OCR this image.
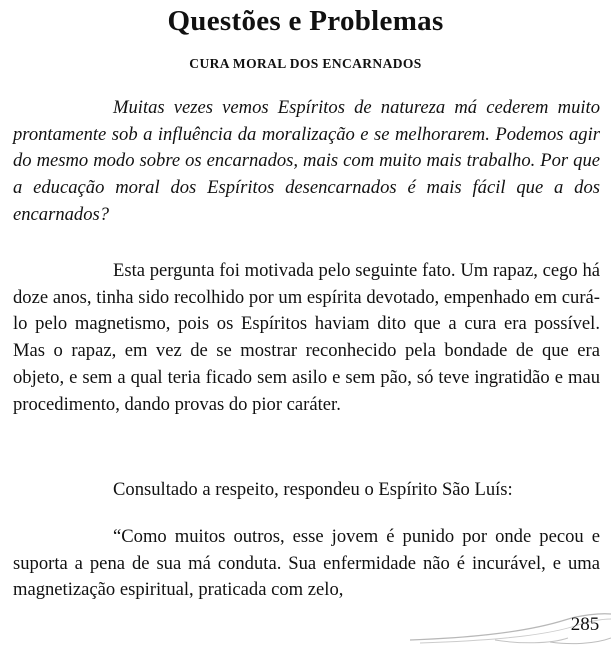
Questões e Problemas
CURA MORAL DOS ENCARNADOS

Muitas vezes vemos Espíritos de natureza má cederem muito prontamente sob a influência da moralização e se melhorarem. Podemos agir do mesmo modo sobre os encarnados, mais com muito mais trabalho. Por que a educação moral dos Espíritos desencarnados é mais fácil que a dos encarnados?

Esta pergunta foi motivada pelo seguinte fato. Um rapaz, cego há doze anos, tinha sido recolhido por um espírita devotado, empenhado em curá-lo pelo magnetismo, pois os Espíritos haviam dito que a cura era possível. Mas o rapaz, em vez de se mostrar reconhecido pela bondade de que era objeto, e sem a qual teria ficado sem asilo e sem pão, só teve ingratidão e mau procedimento, dando provas do pior caráter.

Consultado a respeito, respondeu o Espírito São Luís:

“Como muitos outros, esse jovem é punido por onde pecou e suporta a pena de sua má conduta. Sua enfermidade não é incurável, e uma magnetização espiritual, praticada com zelo,

285
